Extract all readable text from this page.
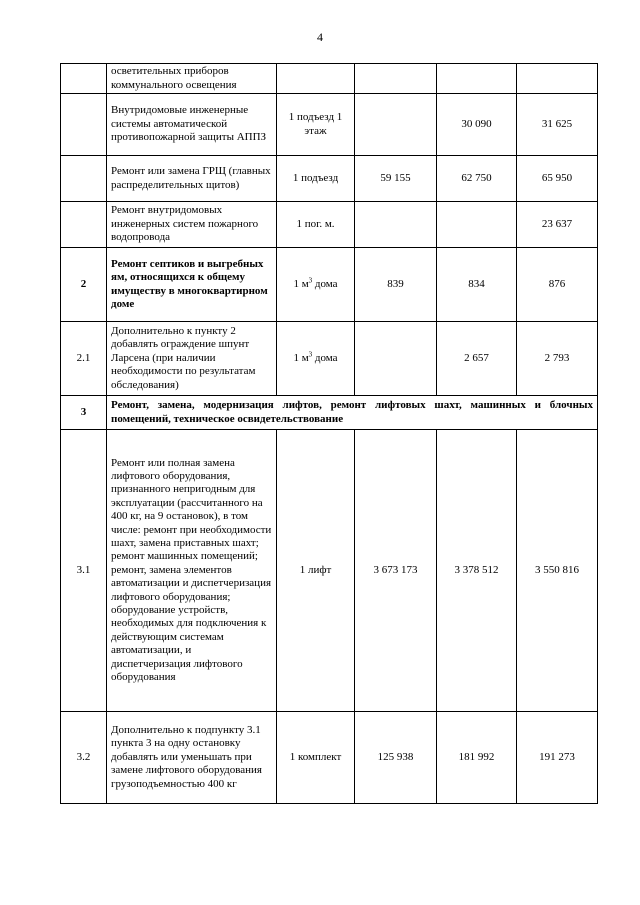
4
	осветительных приборов коммунального освещения				
	Внутридомовые инженерные системы автоматической противопожарной защиты АППЗ	1 подъезд 1 этаж		30 090	31 625
	Ремонт или замена ГРЩ (главных распределительных щитов)	1 подъезд	59 155	62 750	65 950
	Ремонт внутридомовых инженерных систем пожарного водопровода	1 пог. м.			23 637
2	Ремонт септиков и выгребных ям, относящихся к общему имуществу в многоквартирном доме	1 $м^3$ дома	839	834	876
2.1	Дополнительно к пункту 2 добавлять ограждение шпунт Ларсена (при наличии необходимости по результатам обследования)	1 $м^3$ дома		2 657	2 793
3	Ремонт, замена, модернизация лифтов, ремонт лифтовых шахт, машинных и блочных помещений, техническое освидетельствование				
3.1	Ремонт или полная замена лифтового оборудования, признанного непригодным для эксплуатации (рассчитанного на 400 кг, на 9 остановок), в том числе: ремонт при необходимости шахт, замена приставных шахт; ремонт машинных помещений; ремонт, замена элементов автоматизации и диспетчеризация лифтового оборудования; оборудование устройств, необходимых для подключения к действующим системам автоматизации, и диспетчеризация лифтового оборудования	1 лифт	3 673 173	3 378 512	3 550 816
3.2	Дополнительно к подпункту 3.1 пункта 3 на одну остановку добавлять или уменьшать при замене лифтового оборудования грузоподъемностью 400 кг	1 комплект	125 938	181 992	191 273
